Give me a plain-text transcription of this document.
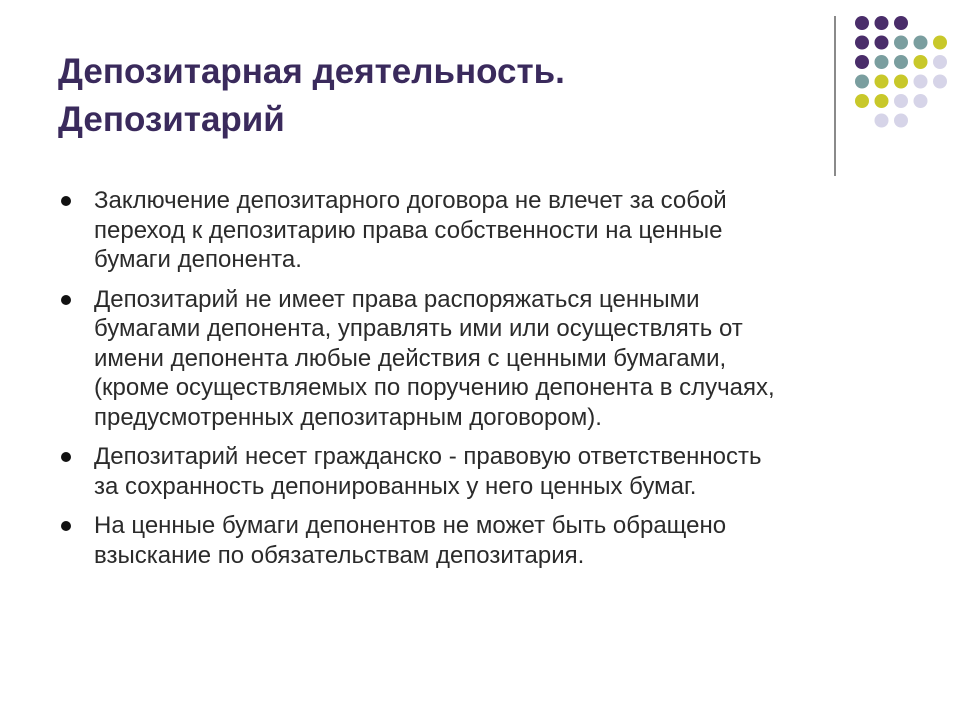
Депозитарная деятельность.
Депозитарий
Заключение депозитарного договора не влечет за собой
переход к депозитарию права собственности на ценные
бумаги депонента.
Депозитарий не имеет права распоряжаться ценными
бумагами депонента, управлять ими или осуществлять от
имени депонента любые действия с ценными бумагами,
(кроме осуществляемых по поручению депонента в случаях,
предусмотренных депозитарным договором).
Депозитарий несет гражданско - правовую ответственность
за сохранность депонированных у него ценных бумаг.
На ценные бумаги депонентов не может быть обращено
взыскание по обязательствам депозитария.
